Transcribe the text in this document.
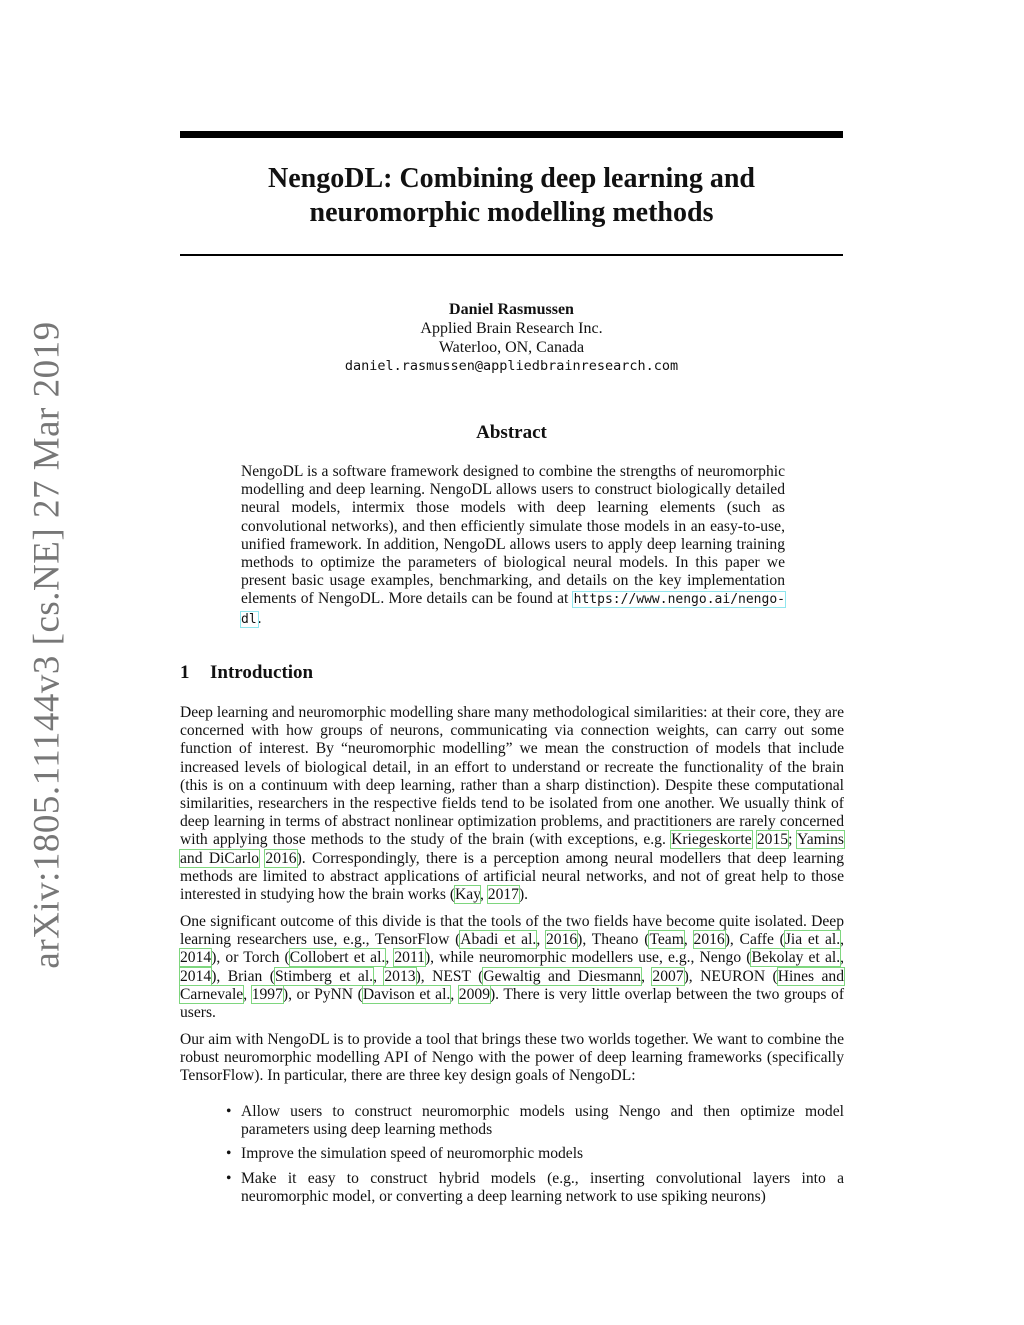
arXiv:1805.11144v3 [cs.NE] 27 Mar 2019
NengoDL: Combining deep learning and
neuromorphic modelling methods
Daniel Rasmussen
Applied Brain Research Inc.
Waterloo, ON, Canada
daniel.rasmussen@appliedbrainresearch.com
Abstract

NengoDL is a software framework designed to combine the strengths of neuromorphic modelling and deep learning. NengoDL allows users to construct biologically detailed neural models, intermix those models with deep learning elements (such as convolutional networks), and then efficiently simulate those models in an easy-to-use, unified framework. In addition, NengoDL allows users to apply deep learning training methods to optimize the parameters of biological neural models. In this paper we present basic usage examples, benchmarking, and details on the key implementation elements of NengoDL. More details can be found at https://www.nengo.ai/nengo-dl.

1 Introduction

Deep learning and neuromorphic modelling share many methodological similarities: at their core, they are concerned with how groups of neurons, communicating via connection weights, can carry out some function of interest. By “neuromorphic modelling” we mean the construction of models that include increased levels of biological detail, in an effort to understand or recreate the functionality of the brain (this is on a continuum with deep learning, rather than a sharp distinction). Despite these computational similarities, researchers in the respective fields tend to be isolated from one another. We usually think of deep learning in terms of abstract nonlinear optimization problems, and practitioners are rarely concerned with applying those methods to the study of the brain (with exceptions, e.g. Kriegeskorte 2015; Yamins and DiCarlo 2016). Correspondingly, there is a perception among neural modellers that deep learning methods are limited to abstract applications of artificial neural networks, and not of great help to those interested in studying how the brain works (Kay, 2017).

One significant outcome of this divide is that the tools of the two fields have become quite isolated. Deep learning researchers use, e.g., TensorFlow (Abadi et al., 2016), Theano (Team, 2016), Caffe (Jia et al., 2014), or Torch (Collobert et al., 2011), while neuromorphic modellers use, e.g., Nengo (Bekolay et al., 2014), Brian (Stimberg et al., 2013), NEST (Gewaltig and Diesmann, 2007), NEURON (Hines and Carnevale, 1997), or PyNN (Davison et al., 2009). There is very little overlap between the two groups of users.

Our aim with NengoDL is to provide a tool that brings these two worlds together. We want to combine the robust neuromorphic modelling API of Nengo with the power of deep learning frameworks (specifically TensorFlow). In particular, there are three key design goals of NengoDL:

• Allow users to construct neuromorphic models using Nengo and then optimize model parameters using deep learning methods
• Improve the simulation speed of neuromorphic models
• Make it easy to construct hybrid models (e.g., inserting convolutional layers into a neuromorphic model, or converting a deep learning network to use spiking neurons)
